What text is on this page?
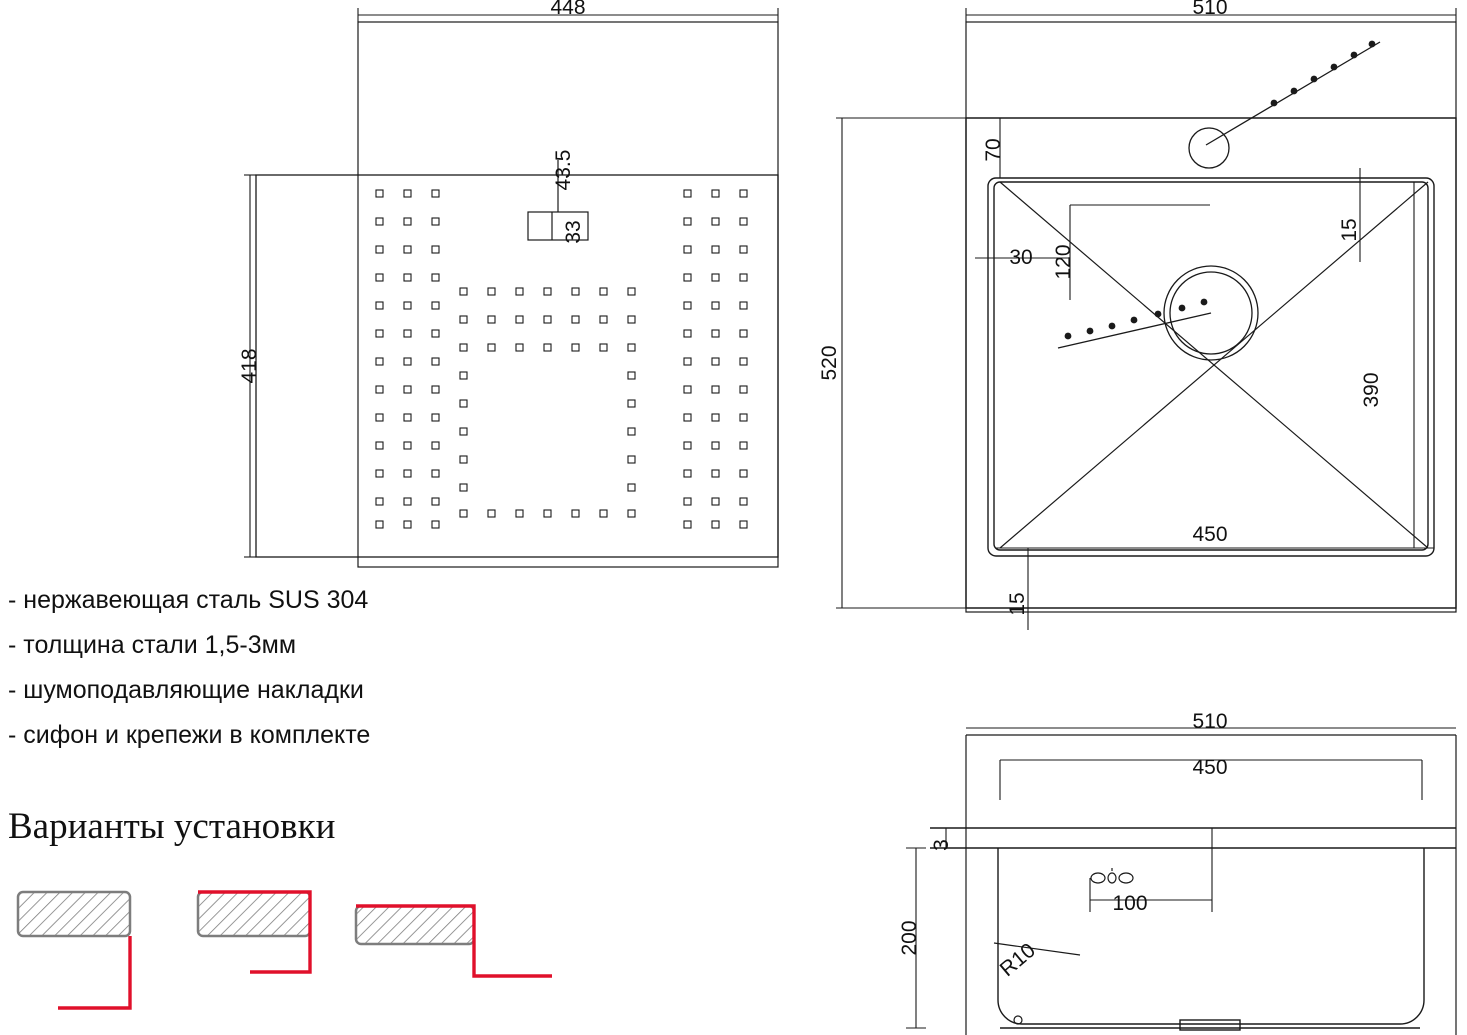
448
418
43.5
33
510
520
70
30 120
15
390
450
15
510
450
3
200
100
R10
- нержавеющая сталь SUS 304
- толщина стали 1,5-3мм
- шумоподавляющие накладки
- сифон и крепежи в комплекте
Варианты установки
